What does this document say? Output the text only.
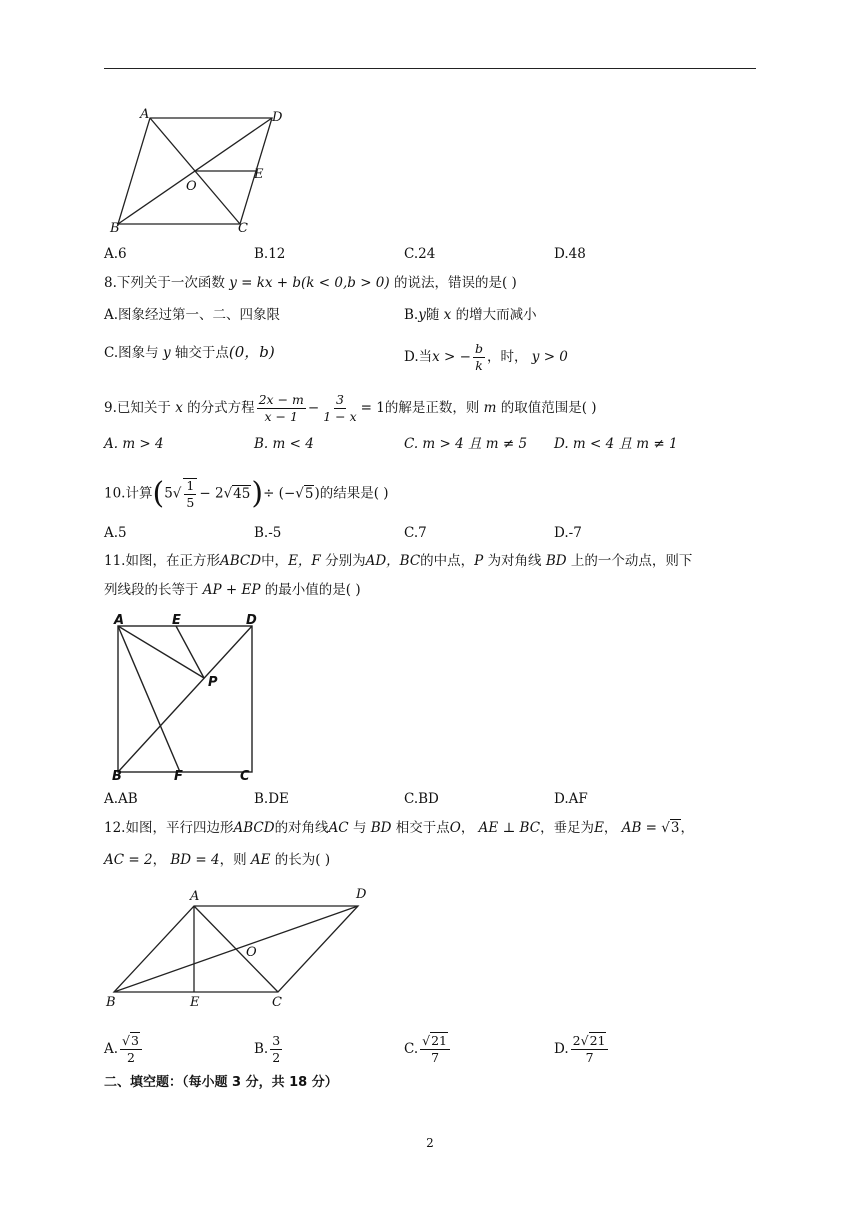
A	D
E
O
B	C
A.6	B.12	C.24	D.48
8.下列关于一次函数 y = kx + b(k < 0,b > 0) 的说法，错误的是( )
A.图象经过第一、二、四象限	B.y随 x 的增大而减小
C.图象与 y 轴交于点(0，b)	D.当x > − $\frac{b}{k}$ ，时， y > 0
9.已知关于 x 的分式方程 $\frac{2x - m}{x - 1} - \frac{3}{1 - x} = 1$的解是正数，则 m 的取值范围是( )
A. m > 4	B. m < 4	C. m > 4 且 m ≠ 5 D. m < 4 且 m ≠ 1
10.计算$(5√ \frac{1}{5} - 2√45)\div (-√5)$的结果是( )
A.5	B.-5	C.7	D.-7
11.如图，在正方形ABCD中，E，F 分别为AD，BC的中点，P 为对角线 BD 上的一个动点，则下
列线段的长等于 AP + EP 的最小值的是( )
A	E	D
P
B	F	C
A.AB	B.DE	C.BD	D.AF
12.如图，平行四边形ABCD的对角线AC 与 BD 相交于点O， AE ⊥ BC，垂足为E， AB = √3，
AC = 2， BD = 4，则 AE 的长为( )
A	D
O
B	E	C
A. $\frac{√3}{2}$	B. $\frac{3}{2}$	C. $\frac{√21}{7}$	D. $\frac{2√21}{7}$
二、填空题：（每小题 3 分，共 18 分）
2
